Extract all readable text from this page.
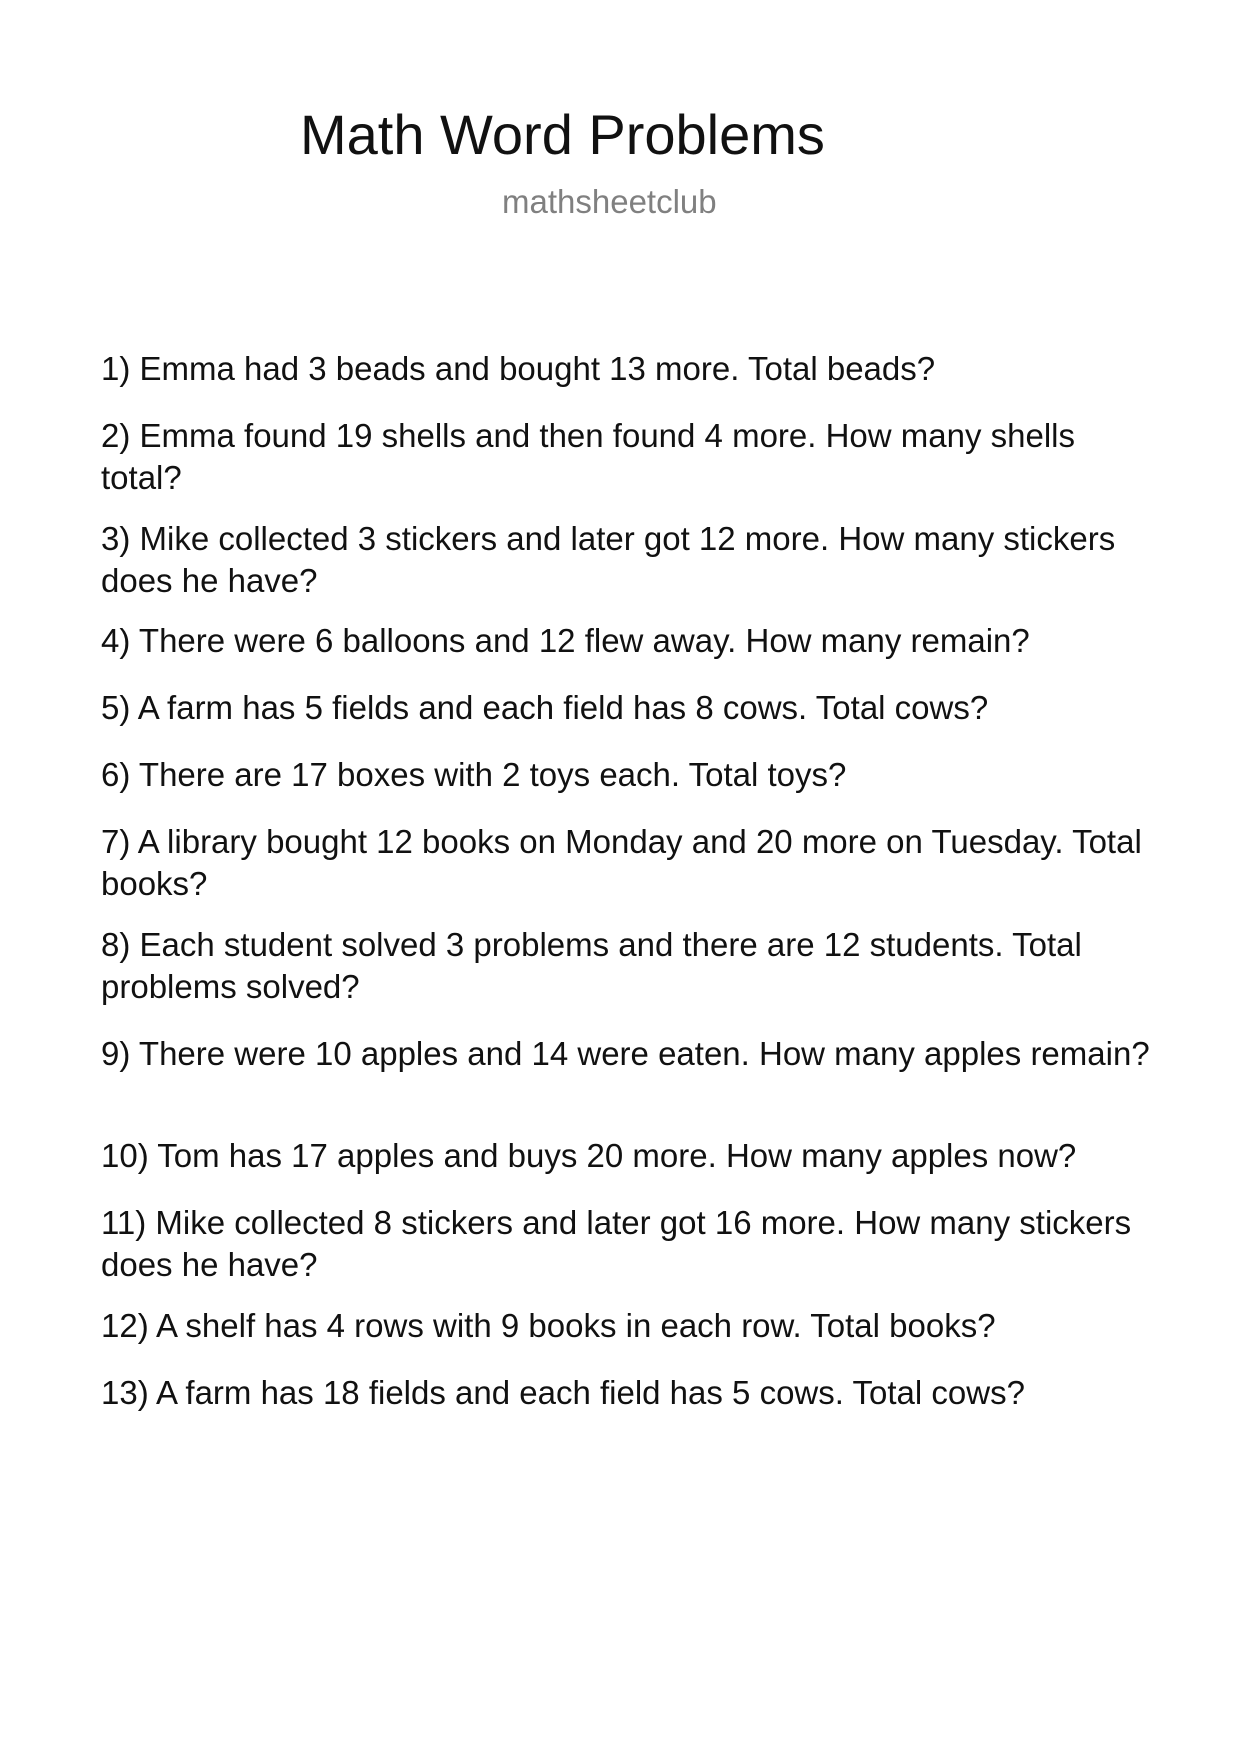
Math Word Problems
mathsheetclub
1) Emma had 3 beads and bought 13 more. Total beads?
2) Emma found 19 shells and then found 4 more. How many shells total?
3) Mike collected 3 stickers and later got 12 more. How many stickers does he have?
4) There were 6 balloons and 12 flew away. How many remain?
5) A farm has 5 fields and each field has 8 cows. Total cows?
6) There are 17 boxes with 2 toys each. Total toys?
7) A library bought 12 books on Monday and 20 more on Tuesday. Total books?
8) Each student solved 3 problems and there are 12 students. Total problems solved?
9) There were 10 apples and 14 were eaten. How many apples remain?
10) Tom has 17 apples and buys 20 more. How many apples now?
11) Mike collected 8 stickers and later got 16 more. How many stickers does he have?
12) A shelf has 4 rows with 9 books in each row. Total books?
13) A farm has 18 fields and each field has 5 cows. Total cows?
